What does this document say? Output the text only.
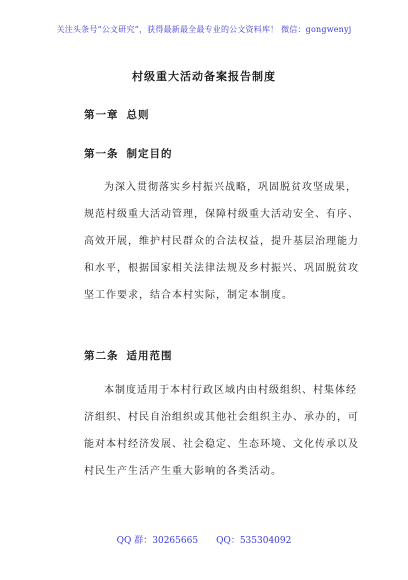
关注头条号“公文研究”，获得最新最全最专业的公文资料库！ 微信：gongwenyj
村级重大活动备案报告制度
第一章 总则
第一条 制定目的
为深入贯彻落实乡村振兴战略，巩固脱贫攻坚成果，
规范村级重大活动管理，保障村级重大活动安全、有序、
高效开展，维护村民群众的合法权益，提升基层治理能力
和水平，根据国家相关法律法规及乡村振兴、巩固脱贫攻
坚工作要求，结合本村实际，制定本制度。
第二条 适用范围
本制度适用于本村行政区域内由村级组织、村集体经
济组织、村民自治组织或其他社会组织主办、承办的，可
能对本村经济发展、社会稳定、生态环境、文化传承以及
村民生产生活产生重大影响的各类活动。
QQ 群：30265665 QQ：535304092
